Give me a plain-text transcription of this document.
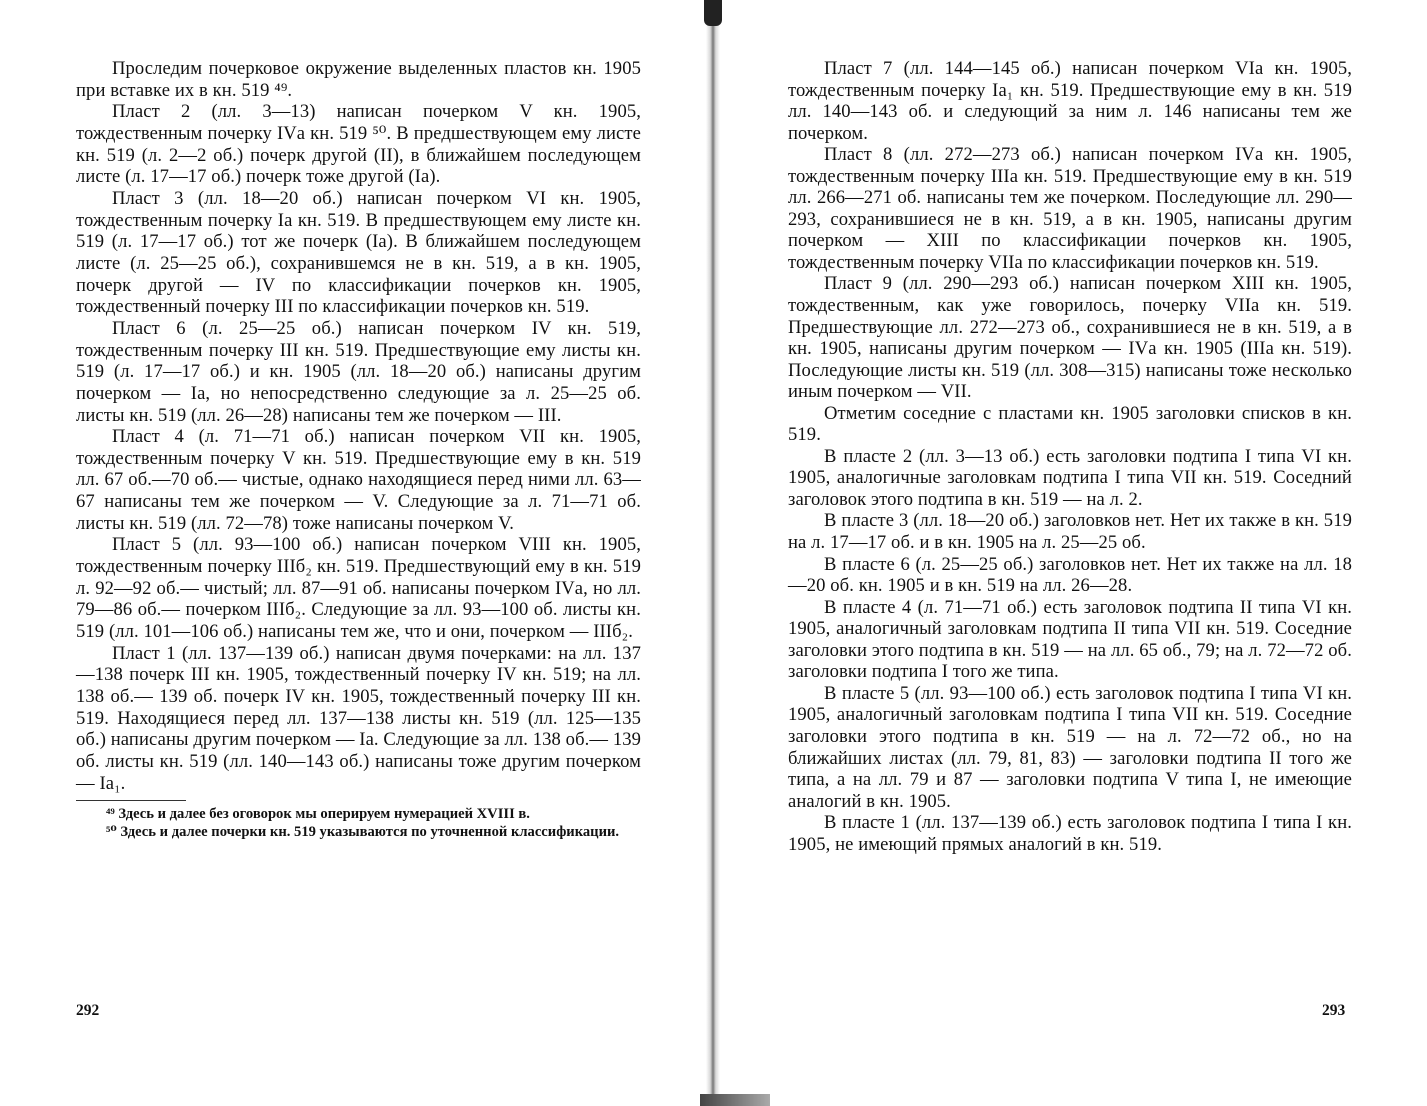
Проследим почерковое окружение выделенных пластов кн. 1905 при вставке их в кн. 519 ⁴⁹.

Пласт 2 (лл. 3—13) написан почерком V кн. 1905, тождественным почерку IVа кн. 519 ⁵⁰. В предшествующем ему листе кн. 519 (л. 2—2 об.) почерк другой (II), в ближайшем последующем листе (л. 17—17 об.) почерк тоже другой (Iа).

Пласт 3 (лл. 18—20 об.) написан почерком VI кн. 1905, тождественным почерку Iа кн. 519. В предшествующем ему листе кн. 519 (л. 17—17 об.) тот же почерк (Iа). В ближайшем последующем листе (л. 25—25 об.), сохранившемся не в кн. 519, а в кн. 1905, почерк другой — IV по классификации почерков кн. 1905, тождественный почерку III по классификации почерков кн. 519.

Пласт 6 (л. 25—25 об.) написан почерком IV кн. 519, тождественным почерку III кн. 519. Предшествующие ему листы кн. 519 (л. 17—17 об.) и кн. 1905 (лл. 18—20 об.) написаны другим почерком — Iа, но непосредственно следующие за л. 25—25 об. листы кн. 519 (лл. 26—28) написаны тем же почерком — III.

Пласт 4 (л. 71—71 об.) написан почерком VII кн. 1905, тождественным почерку V кн. 519. Предшествующие ему в кн. 519 лл. 67 об.—70 об.— чистые, однако находящиеся перед ними лл. 63—67 написаны тем же почерком — V. Следующие за л. 71—71 об. листы кн. 519 (лл. 72—78) тоже написаны почерком V.

Пласт 5 (лл. 93—100 об.) написан почерком VIII кн. 1905, тождественным почерку IIIб₂ кн. 519. Предшествующий ему в кн. 519 л. 92—92 об.— чистый; лл. 87—91 об. написаны почерком IVа, но лл. 79—86 об.— почерком IIIб₂. Следующие за лл. 93—100 об. листы кн. 519 (лл. 101—106 об.) написаны тем же, что и они, почерком — IIIб₂.

Пласт 1 (лл. 137—139 об.) написан двумя почерками: на лл. 137—138 почерк III кн. 1905, тождественный почерку IV кн. 519; на лл. 138 об.— 139 об. почерк IV кн. 1905, тождественный почерку III кн. 519. Находящиеся перед лл. 137—138 листы кн. 519 (лл. 125—135 об.) написаны другим почерком — Iа. Следующие за лл. 138 об.— 139 об. листы кн. 519 (лл. 140—143 об.) написаны тоже другим почерком — Iа₁.

⁴⁹ Здесь и далее без оговорок мы оперируем нумерацией XVIII в.

⁵⁰ Здесь и далее почерки кн. 519 указываются по уточненной классификации.

292

Пласт 7 (лл. 144—145 об.) написан почерком VIа кн. 1905, тождественным почерку Iа₁ кн. 519. Предшествующие ему в кн. 519 лл. 140—143 об. и следующий за ним л. 146 написаны тем же почерком.

Пласт 8 (лл. 272—273 об.) написан почерком IVа кн. 1905, тождественным почерку IIIа кн. 519. Предшествующие ему в кн. 519 лл. 266—271 об. написаны тем же почерком. Последующие лл. 290—293, сохранившиеся не в кн. 519, а в кн. 1905, написаны другим почерком — XIII по классификации почерков кн. 1905, тождественным почерку VIIа по классификации почерков кн. 519.

Пласт 9 (лл. 290—293 об.) написан почерком XIII кн. 1905, тождественным, как уже говорилось, почерку VIIа кн. 519. Предшествующие лл. 272—273 об., сохранившиеся не в кн. 519, а в кн. 1905, написаны другим почерком — IVа кн. 1905 (IIIа кн. 519). Последующие листы кн. 519 (лл. 308—315) написаны тоже несколько иным почерком — VII.

Отметим соседние с пластами кн. 1905 заголовки списков в кн. 519.

В пласте 2 (лл. 3—13 об.) есть заголовки подтипа I типа VI кн. 1905, аналогичные заголовкам подтипа I типа VII кн. 519. Соседний заголовок этого подтипа в кн. 519 — на л. 2.

В пласте 3 (лл. 18—20 об.) заголовков нет. Нет их также в кн. 519 на л. 17—17 об. и в кн. 1905 на л. 25—25 об.

В пласте 6 (л. 25—25 об.) заголовков нет. Нет их также на лл. 18—20 об. кн. 1905 и в кн. 519 на лл. 26—28.

В пласте 4 (л. 71—71 об.) есть заголовок подтипа II типа VI кн. 1905, аналогичный заголовкам подтипа II типа VII кн. 519. Соседние заголовки этого подтипа в кн. 519 — на лл. 65 об., 79; на л. 72—72 об. заголовки подтипа I того же типа.

В пласте 5 (лл. 93—100 об.) есть заголовок подтипа I типа VI кн. 1905, аналогичный заголовкам подтипа I типа VII кн. 519. Соседние заголовки этого подтипа в кн. 519 — на л. 72—72 об., но на ближайших листах (лл. 79, 81, 83) — заголовки подтипа II того же типа, а на лл. 79 и 87 — заголовки подтипа V типа I, не имеющие аналогий в кн. 1905.

В пласте 1 (лл. 137—139 об.) есть заголовок подтипа I типа I кн. 1905, не имеющий прямых аналогий в кн. 519.

293
